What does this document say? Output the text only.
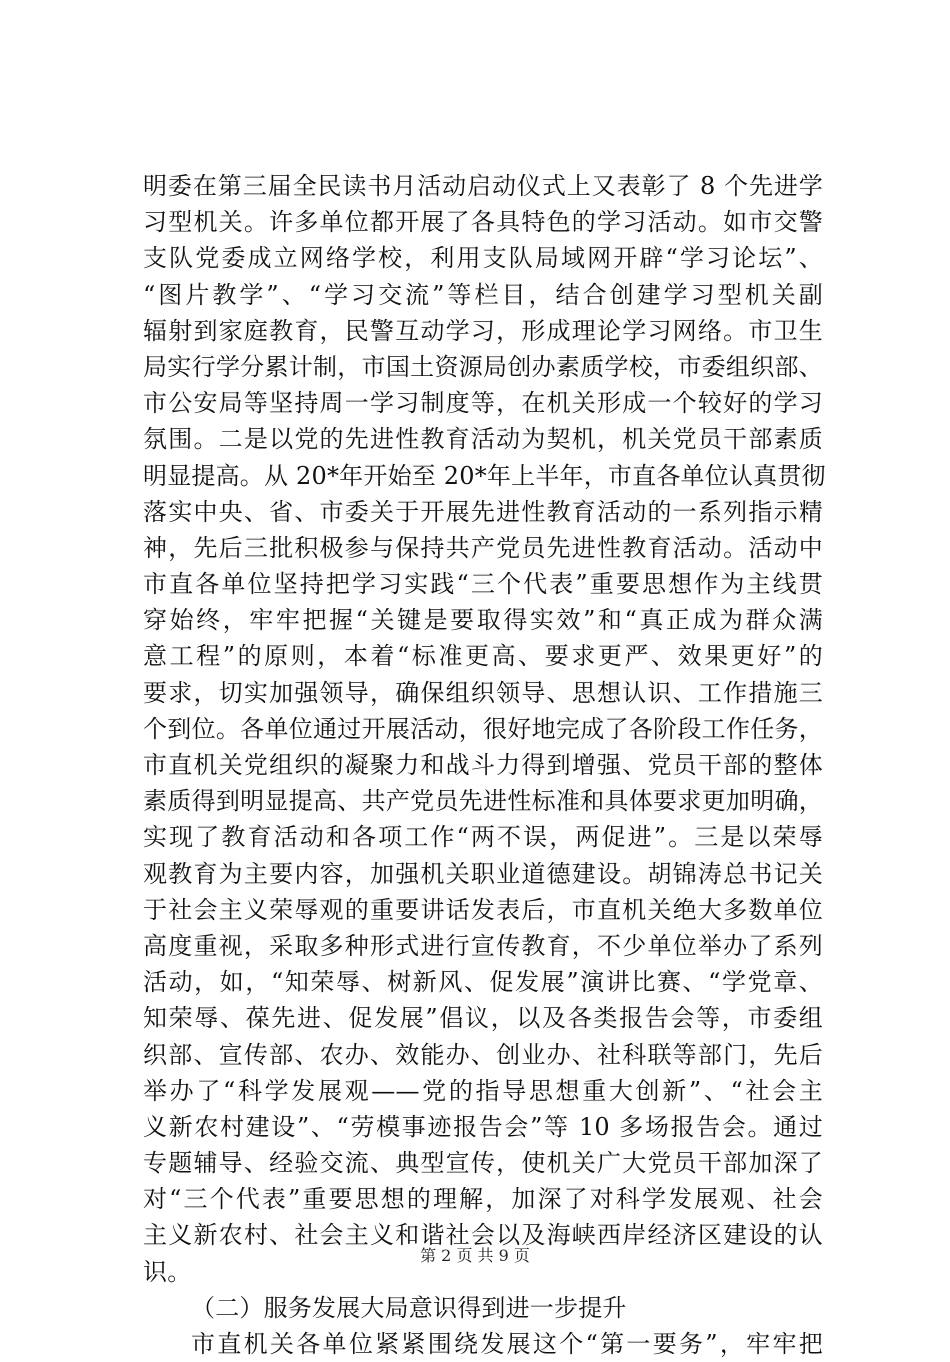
明委在第三届全民读书月活动启动仪式上又表彰了 8 个先进学
习型机关。许多单位都开展了各具特色的学习活动。如市交警
支队党委成立网络学校，利用支队局域网开辟“学习论坛”、
“图片教学”、“学习交流”等栏目，结合创建学习型机关副
辐射到家庭教育，民警互动学习，形成理论学习网络。市卫生
局实行学分累计制，市国土资源局创办素质学校，市委组织部、
市公安局等坚持周一学习制度等，在机关形成一个较好的学习
氛围。二是以党的先进性教育活动为契机，机关党员干部素质
明显提高。从 20*年开始至 20*年上半年，市直各单位认真贯彻
落实中央、省、市委关于开展先进性教育活动的一系列指示精
神，先后三批积极参与保持共产党员先进性教育活动。活动中
市直各单位坚持把学习实践“三个代表”重要思想作为主线贯
穿始终，牢牢把握“关键是要取得实效”和“真正成为群众满
意工程”的原则，本着“标准更高、要求更严、效果更好”的
要求，切实加强领导，确保组织领导、思想认识、工作措施三
个到位。各单位通过开展活动，很好地完成了各阶段工作任务，
市直机关党组织的凝聚力和战斗力得到增强、党员干部的整体
素质得到明显提高、共产党员先进性标准和具体要求更加明确，
实现了教育活动和各项工作“两不误，两促进”。三是以荣辱
观教育为主要内容，加强机关职业道德建设。胡锦涛总书记关
于社会主义荣辱观的重要讲话发表后，市直机关绝大多数单位
高度重视，采取多种形式进行宣传教育，不少单位举办了系列
活动，如，“知荣辱、树新风、促发展”演讲比赛、“学党章、
知荣辱、葆先进、促发展”倡议，以及各类报告会等，市委组
织部、宣传部、农办、效能办、创业办、社科联等部门，先后
举办了“科学发展观——党的指导思想重大创新”、“社会主
义新农村建设”、“劳模事迹报告会”等 10 多场报告会。通过
专题辅导、经验交流、典型宣传，使机关广大党员干部加深了
对“三个代表”重要思想的理解，加深了对科学发展观、社会
主义新农村、社会主义和谐社会以及海峡西岸经济区建设的认
识。
（二）服务发展大局意识得到进一步提升
市直机关各单位紧紧围绕发展这个“第一要务”，牢牢把
第 2 页 共 9 页
